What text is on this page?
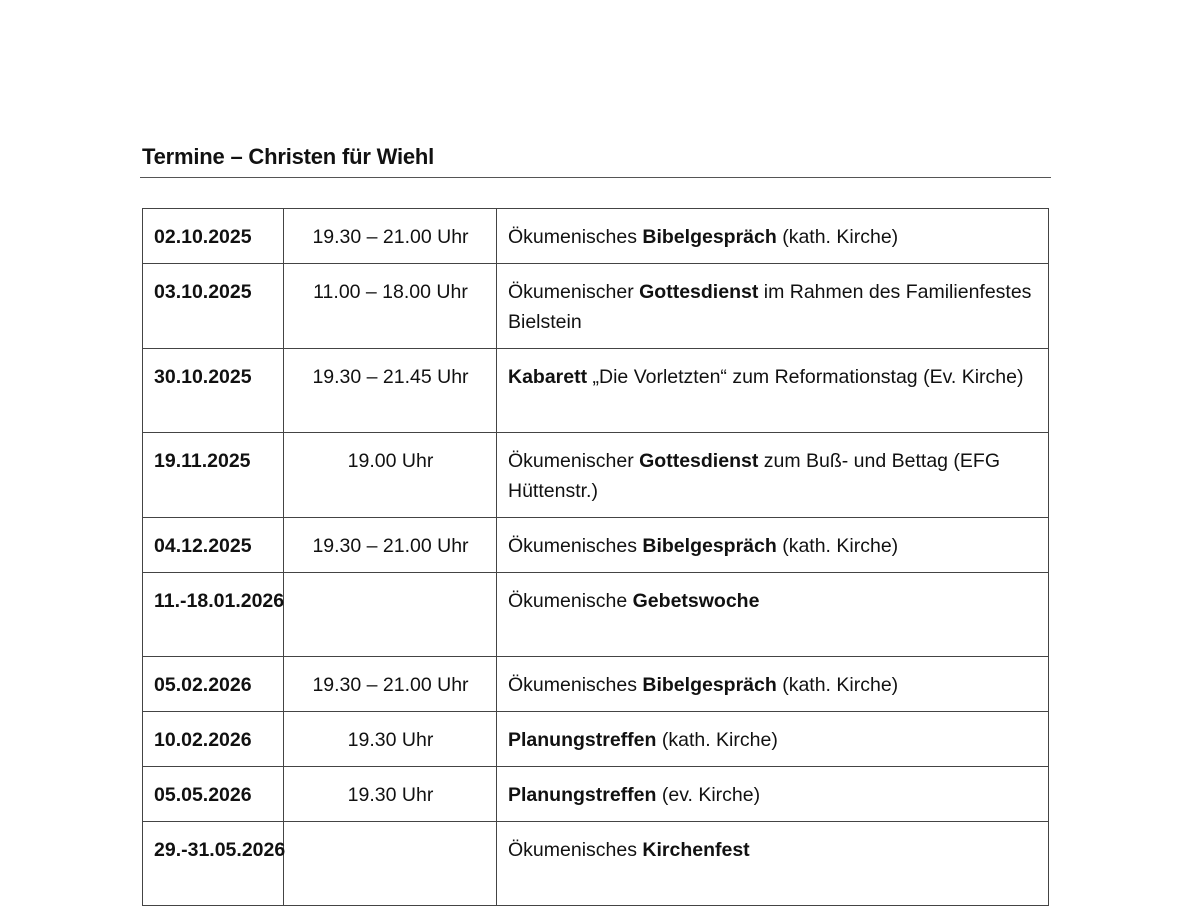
Termine – Christen für Wiehl
02.10.2025	19.30 – 21.00 Uhr	Ökumenisches Bibelgespräch (kath. Kirche)
03.10.2025	11.00 – 18.00 Uhr	Ökumenischer Gottesdienst im Rahmen des Familienfestes Bielstein
30.10.2025	19.30 – 21.45 Uhr	Kabarett „Die Vorletzten“ zum Reformationstag (Ev. Kirche)
19.11.2025	19.00 Uhr	Ökumenischer Gottesdienst zum Buß- und Bettag (EFG Hüttenstr.)
04.12.2025	19.30 – 21.00 Uhr	Ökumenisches Bibelgespräch (kath. Kirche)
11.-18.01.2026		Ökumenische Gebetswoche
05.02.2026	19.30 – 21.00 Uhr	Ökumenisches Bibelgespräch (kath. Kirche)
10.02.2026	19.30 Uhr	Planungstreffen (kath. Kirche)
05.05.2026	19.30 Uhr	Planungstreffen (ev. Kirche)
29.-31.05.2026		Ökumenisches Kirchenfest
